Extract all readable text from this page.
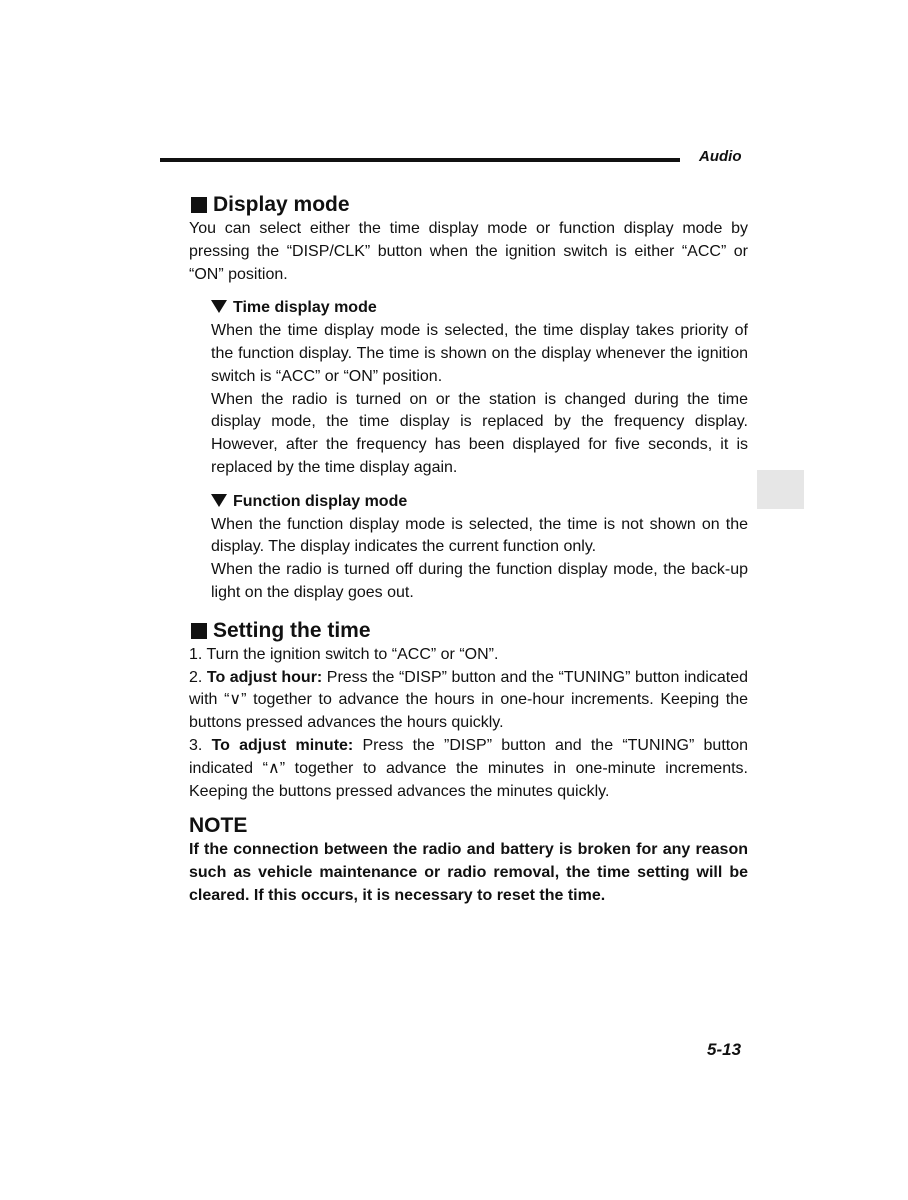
Audio
Display mode

You can select either the time display mode or function display mode by pressing the “DISP/CLK” button when the ignition switch is either “ACC” or “ON” position.

Time display mode

When the time display mode is selected, the time display takes priority of the function display. The time is shown on the display whenever the ignition switch is “ACC” or “ON” position.

When the radio is turned on or the station is changed during the time display mode, the time display is replaced by the frequency display. However, after the frequency has been displayed for five seconds, it is replaced by the time display again.

Function display mode

When the function display mode is selected, the time is not shown on the display. The display indicates the current function only.

When the radio is turned off during the function display mode, the back-up light on the display goes out.

Setting the time

1. Turn the ignition switch to “ACC” or “ON”.

2. To adjust hour: Press the “DISP” button and the “TUNING” button indicated with “∨” together to advance the hours in one-hour increments. Keeping the buttons pressed advances the hours quickly.

3. To adjust minute: Press the ”DISP” button and the “TUNING” button indicated “∧” together to advance the minutes in one-minute increments. Keeping the buttons pressed advances the minutes quickly.

NOTE

If the connection between the radio and battery is broken for any reason such as vehicle maintenance or radio removal, the time setting will be cleared. If this occurs, it is necessary to reset the time.

5-13
